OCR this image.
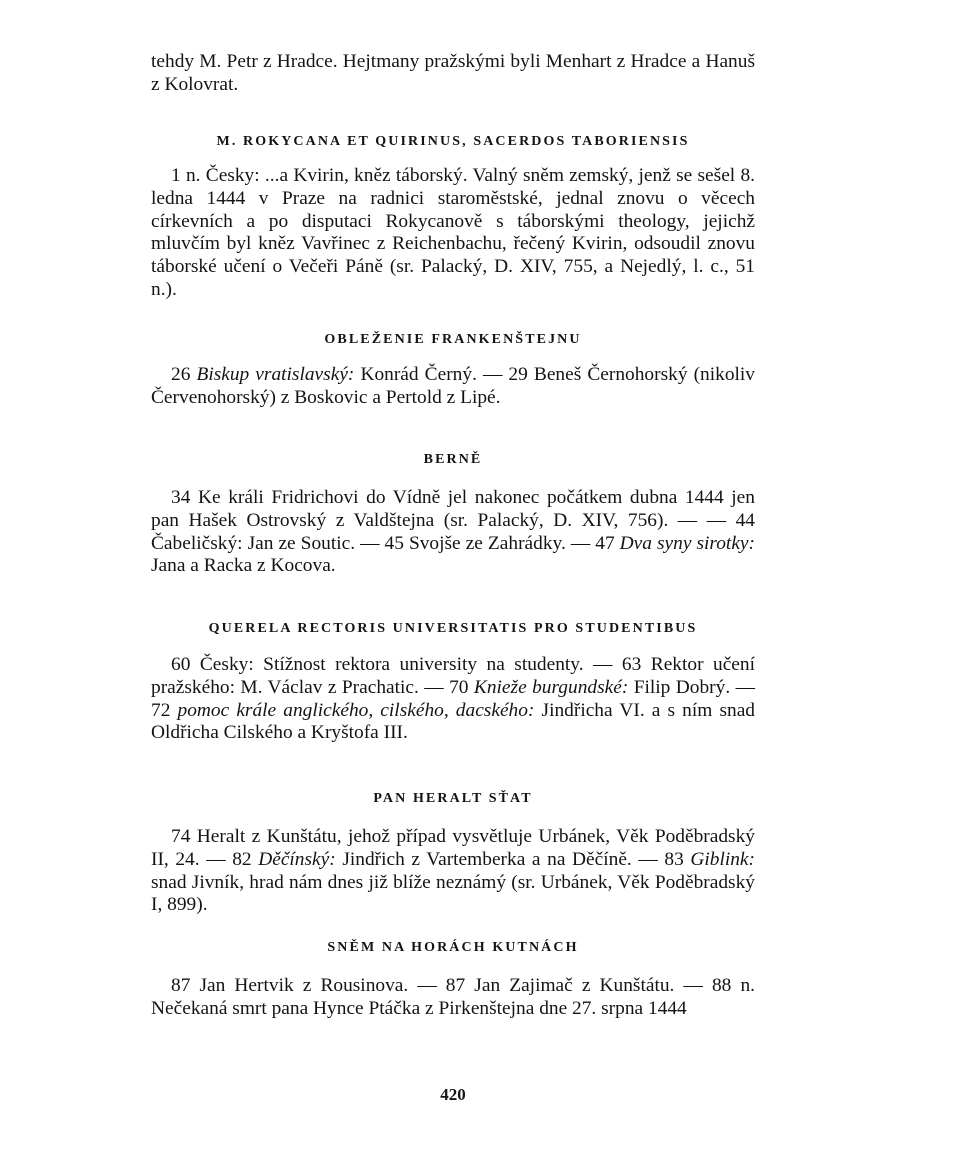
tehdy M. Petr z Hradce. Hejtmany pražskými byli Menhart z Hradce a Hanuš z Kolovrat.

M. ROKYCANA ET QUIRINUS, SACERDOS TABORIENSIS

1 n. Česky: ...a Kvirin, kněz táborský. Valný sněm zemský, jenž se sešel 8. ledna 1444 v Praze na radnici staroměstské, jednal znovu o věcech církevních a po disputaci Rokycanově s táborskými theology, jejichž mluvčím byl kněz Vavřinec z Reichenbachu, řečený Kvirin, odsoudil znovu táborské učení o Večeři Páně (sr. Palacký, D. XIV, 755, a Nejedlý, l. c., 51 n.).

OBLEŽENIE FRANKENŠTEJNU

26 Biskup vratislavský: Konrád Černý. — 29 Beneš Černohorský (nikoliv Červenohorský) z Boskovic a Pertold z Lipé.

BERNĚ

34 Ke králi Fridrichovi do Vídně jel nakonec počátkem dubna 1444 jen pan Hašek Ostrovský z Valdštejna (sr. Palacký, D. XIV, 756). — — 44 Čabeličský: Jan ze Soutic. — 45 Svojše ze Zahrádky. — 47 Dva syny sirotky: Jana a Racka z Kocova.

QUERELA RECTORIS UNIVERSITATIS PRO STUDENTIBUS

60 Česky: Stížnost rektora university na studenty. — 63 Rektor učení pražského: M. Václav z Prachatic. — 70 Knieže burgundské: Filip Dobrý. — 72 pomoc krále anglického, cilského, dacského: Jindřicha VI. a s ním snad Oldřicha Cilského a Kryštofa III.

PAN HERALT SŤAT

74 Heralt z Kunštátu, jehož případ vysvětluje Urbánek, Věk Poděbradský II, 24. — 82 Děčínský: Jindřich z Vartemberka a na Děčíně. — 83 Giblink: snad Jivník, hrad nám dnes již blíže neznámý (sr. Urbánek, Věk Poděbradský I, 899).

SNĚM NA HORÁCH KUTNÁCH

87 Jan Hertvik z Rousinova. — 87 Jan Zajimač z Kunštátu. — 88 n. Nečekaná smrt pana Hynce Ptáčka z Pirkenštejna dne 27. srpna 1444

420
